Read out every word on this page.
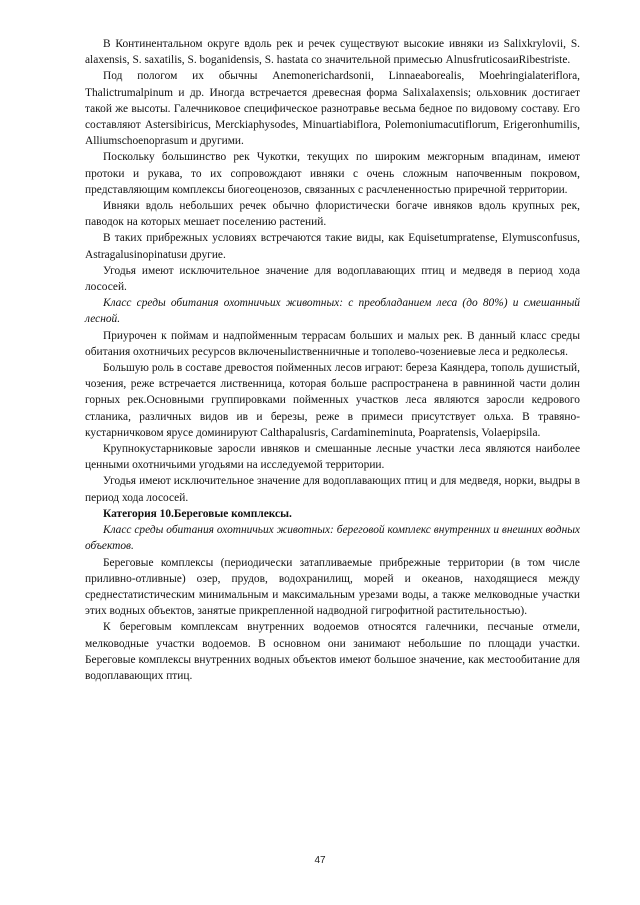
В Континентальном округе вдоль рек и речек существуют высокие ивняки из Salixkrylovii, S. alaxensis, S. saxatilis, S. boganidensis, S. hastata со значительной примесью AlnusfruticosaиRibestriste.

Под пологом их обычны Anemonerichardsonii, Linnaeaborealis, Moehringialateriflora, Thalictrumalpinum и др. Иногда встречается древесная форма Salixalaxensis; ольховник достигает такой же высоты. Галечниковое специфическое разнотравье весьма бедное по видовому составу. Его составляют Astersibiricus, Merckiaphysodes, Minuartiabiflora, Polemoniumacutiflorum, Erigeronhumilis, Alliumschoenoprasum и другими.

Поскольку большинство рек Чукотки, текущих по широким межгорным впадинам, имеют протоки и рукава, то их сопровождают ивняки с очень сложным напочвенным покровом, представляющим комплексы биогеоценозов, связанных с расчлененностью приречной территории.

Ивняки вдоль небольших речек обычно флористически богаче ивняков вдоль крупных рек, паводок на которых мешает поселению растений.

В таких прибрежных условиях встречаются такие виды, как Equisetumpratense, Elymusconfusus, Astragalusinopinatusи другие.

Угодья имеют исключительное значение для водоплавающих птиц и медведя в период хода лососей.

Класс среды обитания охотничьих животных: с преобладанием леса (до 80%) и смешанный лесной.

Приурочен к поймам и надпойменным террасам больших и малых рек. В данный класс среды обитания охотничьих ресурсов включеныlиственничные и тополево-чозениевые леса и редколесья.

Большую роль в составе древостоя пойменных лесов играют: береза Каяндера, тополь душистый, чозения, реже встречается лиственница, которая больше распространена в равнинной части долин горных рек.Основными группировками пойменных участков леса являются заросли кедрового стланика, различных видов ив и березы, реже в примеси присутствует ольха. В травяно-кустарничковом ярусе доминируют Calthapalusris, Cardamineminuta, Poapratensis, Volaepipsila.

Крупнокустарниковые заросли ивняков и смешанные лесные участки леса являются наиболее ценными охотничьими угодьями на исследуемой территории.

Угодья имеют исключительное значение для водоплавающих птиц и для медведя, норки, выдры в период хода лососей.

Категория 10.Береговые комплексы.

Класс среды обитания охотничьих животных: береговой комплекс внутренних и внешних водных объектов.

Береговые комплексы (периодически затапливаемые прибрежные территории (в том числе приливно-отливные) озер, прудов, водохранилищ, морей и океанов, находящиеся между среднестатистическим минимальным и максимальным урезами воды, а также мелководные участки этих водных объектов, занятые прикрепленной надводной гигрофитной растительностью).

К береговым комплексам внутренних водоемов относятся галечники, песчаные отмели, мелководные участки водоемов. В основном они занимают небольшие по площади участки. Береговые комплексы внутренних водных объектов имеют большое значение, как местообитание для водоплавающих птиц.

47
